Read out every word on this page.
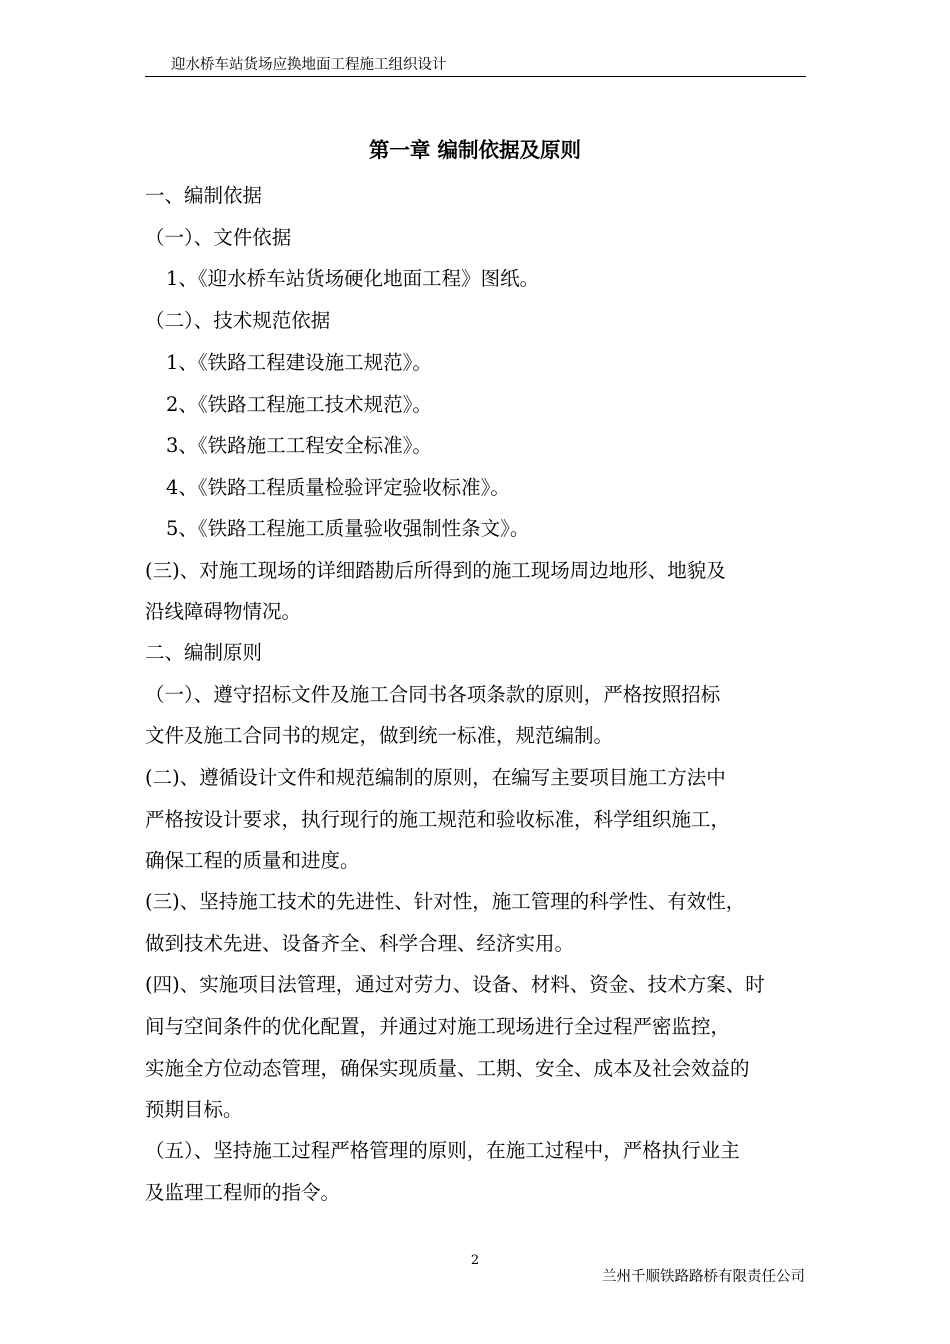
迎水桥车站货场应换地面工程施工组织设计
第一章 编制依据及原则
一、编制依据
（一）、文件依据
1、《迎水桥车站货场硬化地面工程》图纸。
（二）、技术规范依据
1、《铁路工程建设施工规范》。
2、《铁路工程施工技术规范》。
3、《铁路施工工程安全标准》。
4、《铁路工程质量检验评定验收标准》。
5、《铁路工程施工质量验收强制性条文》。
(三)、对施工现场的详细踏勘后所得到的施工现场周边地形、地貌及
沿线障碍物情况。
二、编制原则
（一）、遵守招标文件及施工合同书各项条款的原则，严格按照招标
文件及施工合同书的规定，做到统一标准，规范编制。
(二)、遵循设计文件和规范编制的原则，在编写主要项目施工方法中
严格按设计要求，执行现行的施工规范和验收标准，科学组织施工，
确保工程的质量和进度。
(三)、坚持施工技术的先进性、针对性，施工管理的科学性、有效性，
做到技术先进、设备齐全、科学合理、经济实用。
(四)、实施项目法管理，通过对劳力、设备、材料、资金、技术方案、时
间与空间条件的优化配置，并通过对施工现场进行全过程严密监控，
实施全方位动态管理，确保实现质量、工期、安全、成本及社会效益的
预期目标。
（五）、坚持施工过程严格管理的原则，在施工过程中，严格执行业主
及监理工程师的指令。
2
兰州千顺铁路路桥有限责任公司
